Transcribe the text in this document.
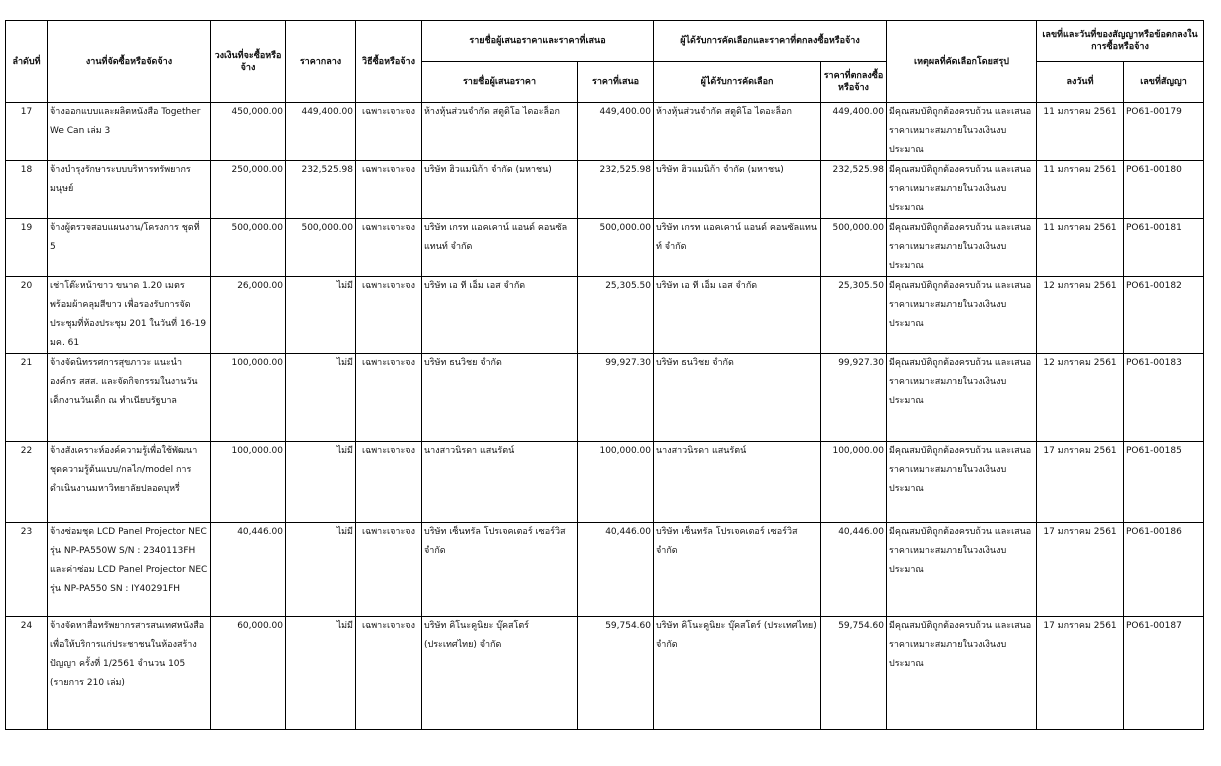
ลำดับที่	งานที่จัดซื้อหรือจัดจ้าง	วงเงินที่จะซื้อหรือจ้าง	ราคากลาง	วิธีซื้อหรือจ้าง	รายชื่อผู้เสนอราคาและราคาที่เสนอ		ผู้ได้รับการคัดเลือกและราคาที่ตกลงซื้อหรือจ้าง		เหตุผลที่คัดเลือกโดยสรุป	เลขที่และวันที่ของสัญญาหรือข้อตกลงในการซื้อหรือจ้าง	
					รายชื่อผู้เสนอราคา	ราคาที่เสนอ	ผู้ได้รับการคัดเลือก	ราคาที่ตกลงซื้อหรือจ้าง		ลงวันที่	เลขที่สัญญา
17	จ้างออกแบบและผลิตหนังสือ Together We Can เล่ม 3	450,000.00	449,400.00	เฉพาะเจาะจง	ห้างหุ้นส่วนจำกัด สตูดิโอ ไดอะล็อก	449,400.00	ห้างหุ้นส่วนจำกัด สตูดิโอ ไดอะล็อก	449,400.00	มีคุณสมบัติถูกต้องครบถ้วน และเสนอราคาเหมาะสมภายในวงเงินงบประมาณ	11 มกราคม 2561	PO61-00179
18	จ้างบำรุงรักษาระบบบริหารทรัพยากรมนุษย์	250,000.00	232,525.98	เฉพาะเจาะจง	บริษัท ฮิวแมนิก้า จำกัด (มหาชน)	232,525.98	บริษัท ฮิวแมนิก้า จำกัด (มหาชน)	232,525.98	มีคุณสมบัติถูกต้องครบถ้วน และเสนอราคาเหมาะสมภายในวงเงินงบประมาณ	11 มกราคม 2561	PO61-00180
19	จ้างผู้ตรวจสอบแผนงาน/โครงการ ชุดที่ 5	500,000.00	500,000.00	เฉพาะเจาะจง	บริษัท เกรท แอคเคาน์ แอนด์ คอนซัลแทนท์ จำกัด	500,000.00	บริษัท เกรท แอคเคาน์ แอนด์ คอนซัลแทนท์ จำกัด	500,000.00	มีคุณสมบัติถูกต้องครบถ้วน และเสนอราคาเหมาะสมภายในวงเงินงบประมาณ	11 มกราคม 2561	PO61-00181
20	เช่าโต๊ะหน้าขาว ขนาด 1.20 เมตร พร้อมผ้าคลุมสีขาว เพื่อรองรับการจัดประชุมที่ห้องประชุม 201 ในวันที่ 16-19 มค. 61	26,000.00	ไม่มี	เฉพาะเจาะจง	บริษัท เอ ที เอ็ม เอส จำกัด	25,305.50	บริษัท เอ ที เอ็ม เอส จำกัด	25,305.50	มีคุณสมบัติถูกต้องครบถ้วน และเสนอราคาเหมาะสมภายในวงเงินงบประมาณ	12 มกราคม 2561	PO61-00182
21	จ้างจัดนิทรรศการสุขภาวะ แนะนำองค์กร สสส. และจัดกิจกรรมในงานวันเด็กงานวันเด็ก ณ ทำเนียบรัฐบาล	100,000.00	ไม่มี	เฉพาะเจาะจง	บริษัท ธนวิชย จำกัด	99,927.30	บริษัท ธนวิชย จำกัด	99,927.30	มีคุณสมบัติถูกต้องครบถ้วน และเสนอราคาเหมาะสมภายในวงเงินงบประมาณ	12 มกราคม 2561	PO61-00183
22	จ้างสังเคราะห์องค์ความรู้เพื่อใช้พัฒนาชุดความรู้ต้นแบบ/กลไก/model การดำเนินงานมหาวิทยาลัยปลอดบุหรี่	100,000.00	ไม่มี	เฉพาะเจาะจง	นางสาวนิรดา แสนรัตน์	100,000.00	นางสาวนิรดา แสนรัตน์	100,000.00	มีคุณสมบัติถูกต้องครบถ้วน และเสนอราคาเหมาะสมภายในวงเงินงบประมาณ	17 มกราคม 2561	PO61-00185
23	จ้างซ่อมชุด LCD Panel Projector NEC รุ่น NP-PA550W S/N : 2340113FH และค่าซ่อม LCD Panel Projector NEC รุ่น NP-PA550 SN : IY40291FH	40,446.00	ไม่มี	เฉพาะเจาะจง	บริษัท เซ็นทรัล โปรเจคเตอร์ เซอร์วิส จำกัด	40,446.00	บริษัท เซ็นทรัล โปรเจคเตอร์ เซอร์วิส จำกัด	40,446.00	มีคุณสมบัติถูกต้องครบถ้วน และเสนอราคาเหมาะสมภายในวงเงินงบประมาณ	17 มกราคม 2561	PO61-00186
24	จ้างจัดหาสื่อทรัพยากรสารสนเทศหนังสือ เพื่อให้บริการแก่ประชาชนในห้องสร้างปัญญา ครั้งที่ 1/2561 จำนวน 105 (รายการ 210 เล่ม)	60,000.00	ไม่มี	เฉพาะเจาะจง	บริษัท คิโนะคูนิยะ บุ๊คสโตร์ (ประเทศไทย) จำกัด	59,754.60	บริษัท คิโนะคูนิยะ บุ๊คสโตร์ (ประเทศไทย) จำกัด	59,754.60	มีคุณสมบัติถูกต้องครบถ้วน และเสนอราคาเหมาะสมภายในวงเงินงบประมาณ	17 มกราคม 2561	PO61-00187
